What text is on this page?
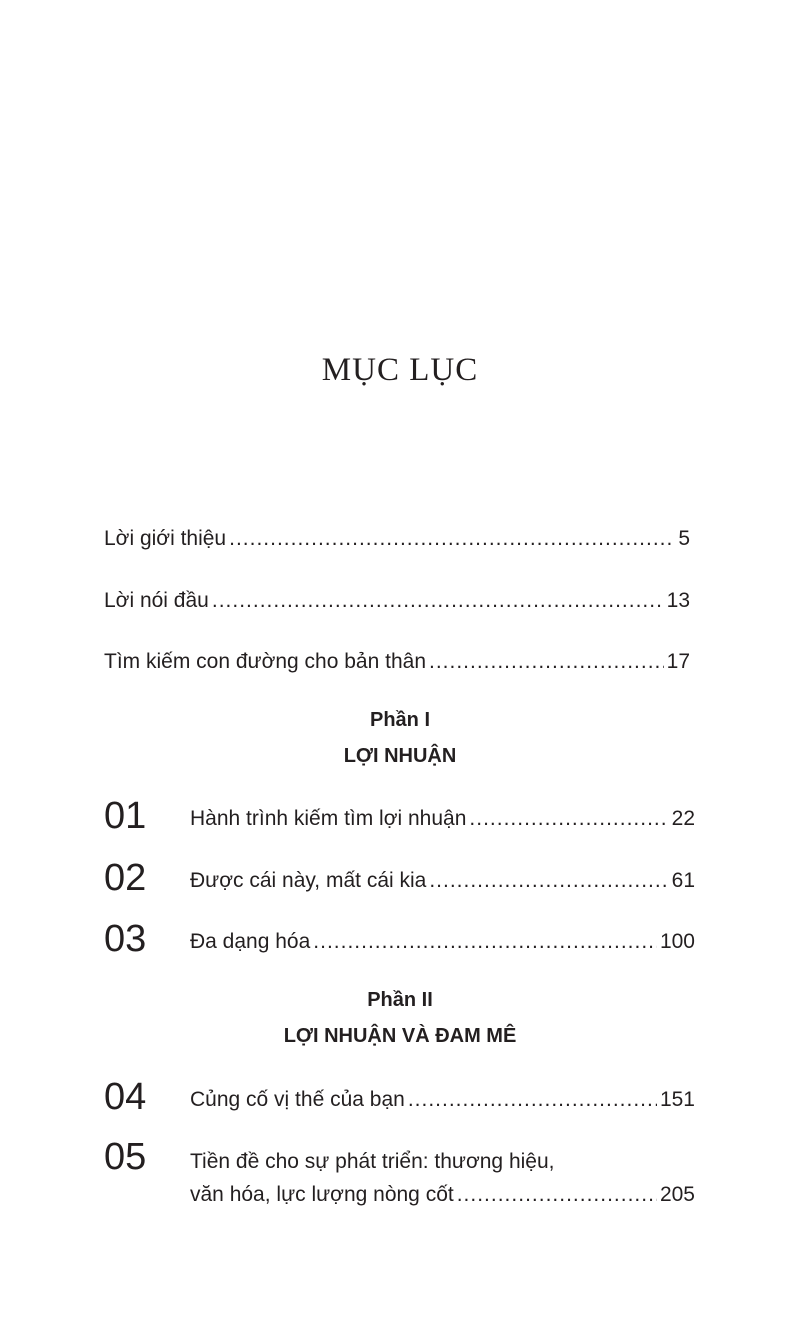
MỤC LỤC
Lời giới thiệu .....	5
Lời nói đầu .....	13
Tìm kiếm con đường cho bản thân .....	17
Phần I
LỢI NHUẬN
01 Hành trình kiếm tìm lợi nhuận .....	22
02 Được cái này, mất cái kia .....	61
03 Đa dạng hóa .....	100
Phần II
LỢI NHUẬN VÀ ĐAM MÊ
04 Củng cố vị thế của bạn .....	151
05 Tiền đề cho sự phát triển: thương hiệu,
văn hóa, lực lượng nòng cốt .....	205
